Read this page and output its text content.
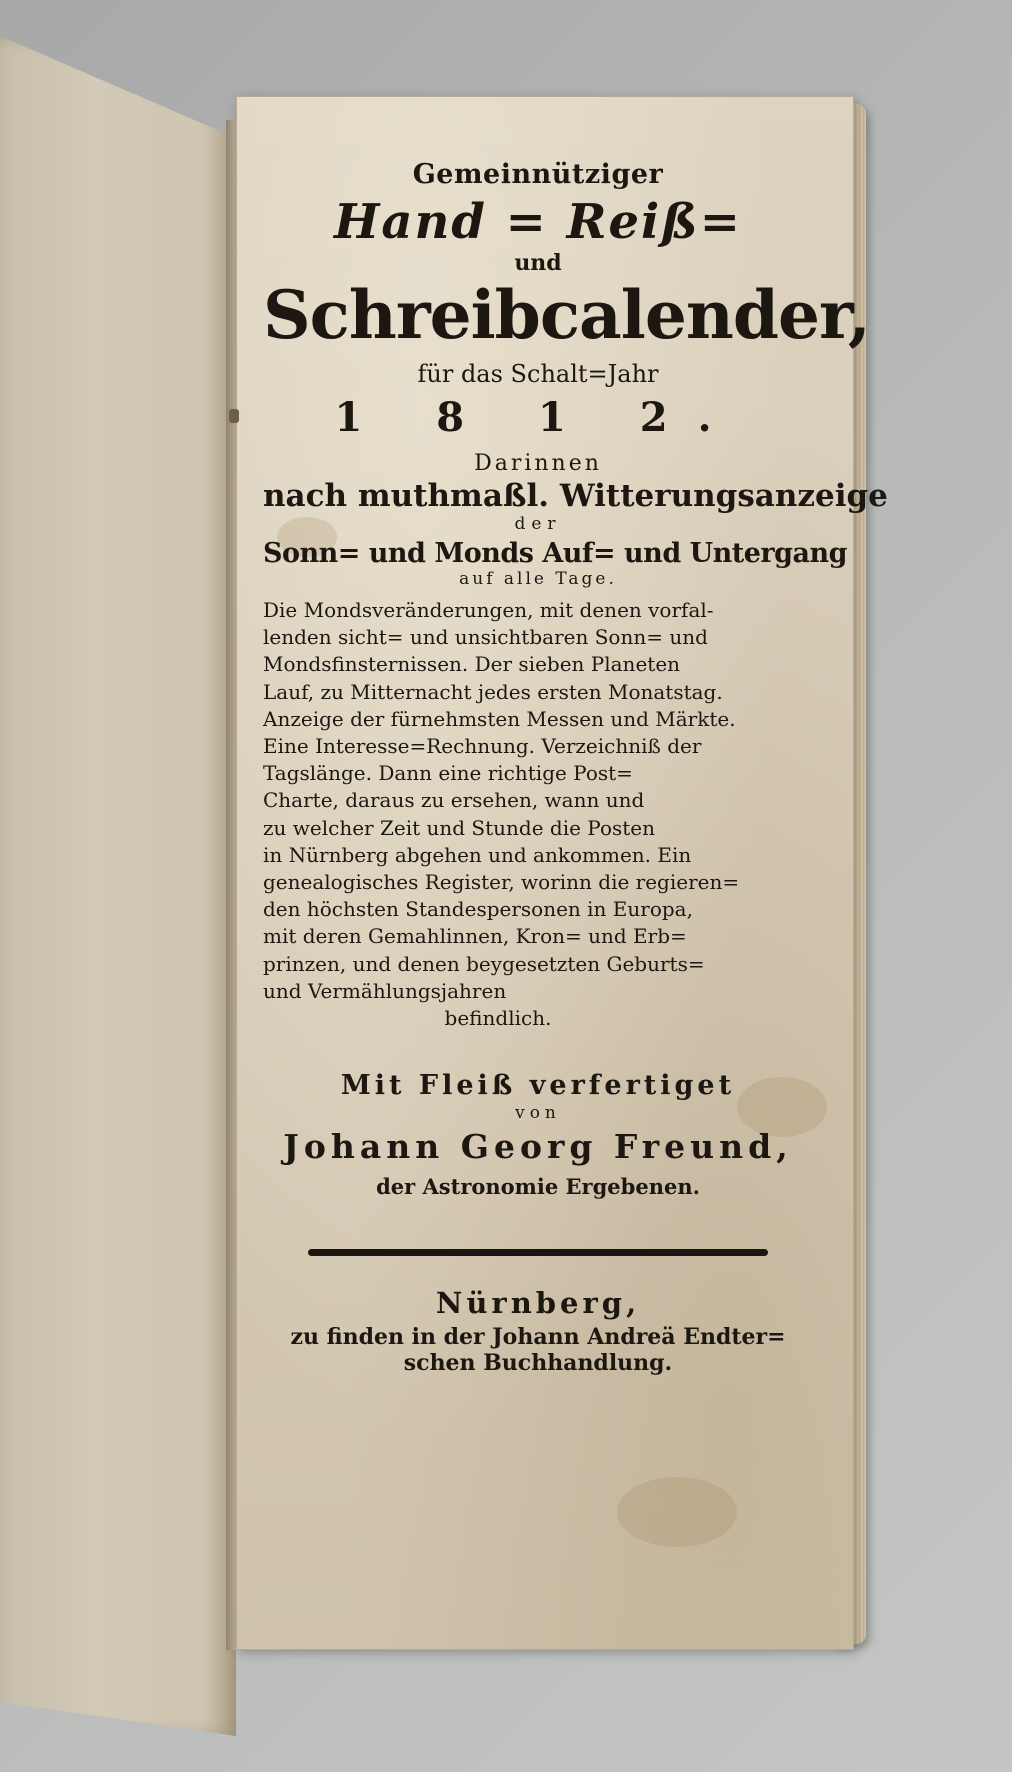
Gemeinnütziger
Hand = Reiß=
und
Schreibcalender,
für das Schalt=Jahr
1 8 1 2.
Darinnen
nach muthmaßl. Witterungsanzeige
der
Sonn= und Monds Auf= und Untergang
auf alle Tage.
Die Mondsveränderungen, mit denen vorfal-
lenden sicht= und unsichtbaren Sonn= und
Mondsfinsternissen. Der sieben Planeten
Lauf, zu Mitternacht jedes ersten Monatstag.
Anzeige der fürnehmsten Messen und Märkte.
Eine Interesse=Rechnung. Verzeichniß der
Tagslänge. Dann eine richtige Post=
Charte, daraus zu ersehen, wann und
zu welcher Zeit und Stunde die Posten
in Nürnberg abgehen und ankommen. Ein
genealogisches Register, worinn die regieren=
den höchsten Standespersonen in Europa,
mit deren Gemahlinnen, Kron= und Erb=
prinzen, und denen beygesetzten Geburts=
und Vermählungsjahren
befindlich.
Mit Fleiß verfertiget
von
Johann Georg Freund,
der Astronomie Ergebenen.
Nürnberg,
zu finden in der Johann Andreä Endter=
schen Buchhandlung.
